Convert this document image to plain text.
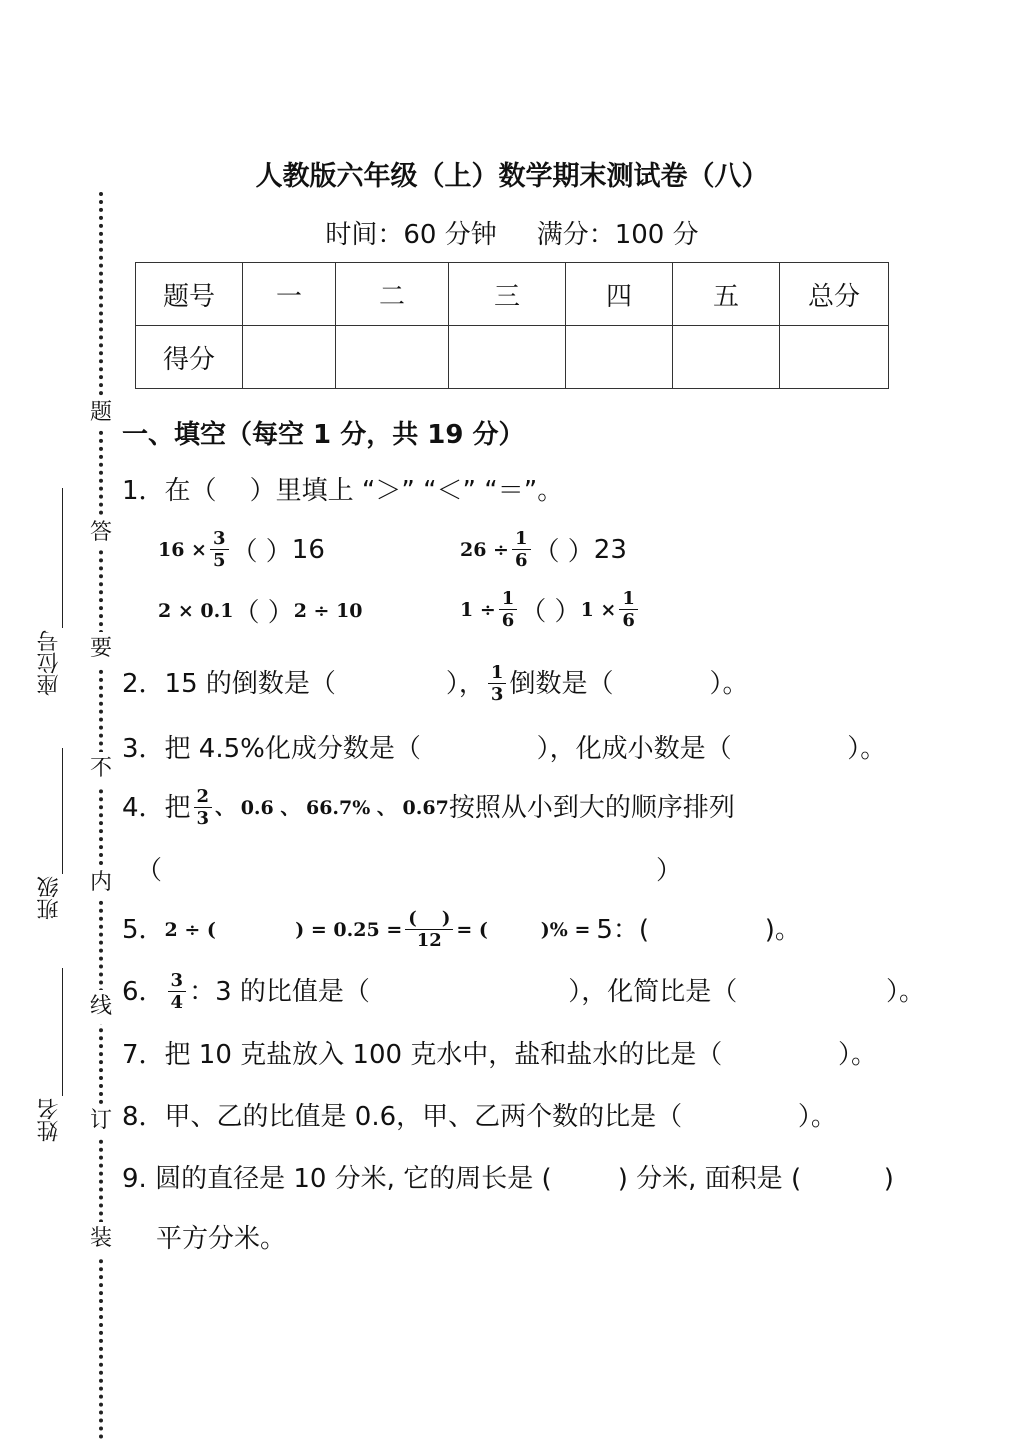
题
答
要
不
内
线
订
装
座位号
班级
姓名
人教版六年级（上）数学期末测试卷（八）
时间：60 分钟 满分：100 分
题号	一	二	三	四	五	总分
得分						
一、填空（每空 1 分，共 19 分）
1．在（    ）里填上 “＞” “＜” “＝”。
$16 \times \frac{3}{5}$ （ ） 16	$26 \div \frac{1}{6}$ （ ） 23
2 × 0.1 （ ） 2 ÷ 10	$1 \div \frac{1}{6}$ （ ） $1 \times \frac{1}{6}$
2．15 的倒数是（	）， $\frac{1}{3}$ 倒数是（	）。
3．把 4.5%化成分数是（              ），化成小数是（              ）。
4．把 $\frac{2}{3}$ 、 0.6 、 66.7% 、 0.67 按照从小到大的顺序排列
（	）
5． 2 ÷ (            ) = $0.25 = \frac{( )}{12}$ = (        )% = 5：(              )。
6． $\frac{3}{4}$ ：3 的比值是（                        ），化简比是（                  ）。
7．把 10 克盐放入 100 克水中，盐和盐水的比是（              ）。
8．甲、乙的比值是 0.6，甲、乙两个数的比是（              ）。
9. 圆的直径是 10 分米, 它的周长是 (        ) 分米, 面积是 (          )
平方分米。
